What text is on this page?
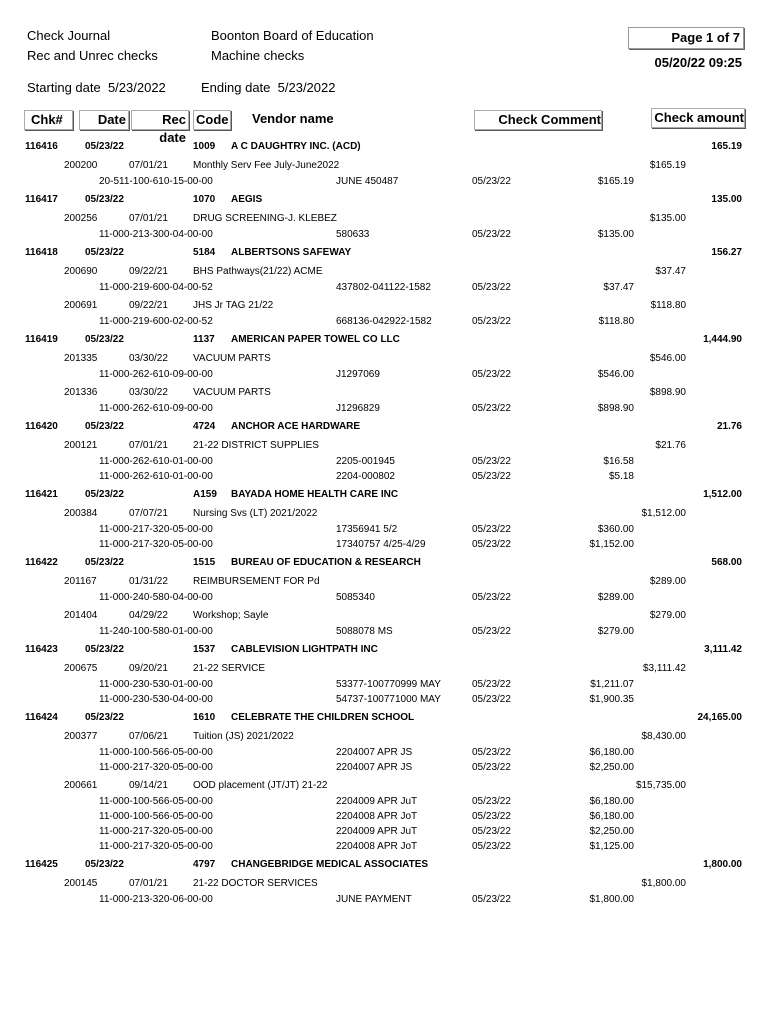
Check Journal
Rec and Unrec checks
Boonton Board of Education
Machine checks
Page 1 of 7
05/20/22 09:25
Starting date 5/23/2022	Ending date 5/23/2022
Chk#	Date	Rec date
Code Vendor name	Check Comment	Check amount
116416	05/23/22	1009 A C DAUGHTRY INC. (ACD)	165.19
200200	07/01/21	Monthly Serv Fee July-June2022	$165.19
20-511-100-610-15-00-00	JUNE 450487	05/23/22	$165.19
116417	05/23/22	1070 AEGIS	135.00
200256	07/01/21	DRUG SCREENING-J. KLEBEZ	$135.00
11-000-213-300-04-00-00	580633	05/23/22	$135.00
116418	05/23/22	5184 ALBERTSONS SAFEWAY	156.27
200690	09/22/21	BHS Pathways(21/22) ACME	$37.47
11-000-219-600-04-00-52	437802-041122-1582	05/23/22	$37.47
200691	09/22/21	JHS Jr TAG 21/22	$118.80
11-000-219-600-02-00-52	668136-042922-1582	05/23/22	$118.80
116419	05/23/22	1137 AMERICAN PAPER TOWEL CO LLC	1,444.90
201335	03/30/22	VACUUM PARTS	$546.00
11-000-262-610-09-00-00	J1297069	05/23/22	$546.00
201336	03/30/22	VACUUM PARTS	$898.90
11-000-262-610-09-00-00	J1296829	05/23/22	$898.90
116420	05/23/22	4724 ANCHOR ACE HARDWARE	21.76
200121	07/01/21	21-22 DISTRICT SUPPLIES	$21.76
11-000-262-610-01-00-00	2205-001945	05/23/22	$16.58
11-000-262-610-01-00-00	2204-000802	05/23/22	$5.18
116421	05/23/22	A159 BAYADA HOME HEALTH CARE INC	1,512.00
200384	07/07/21	Nursing Svs (LT) 2021/2022	$1,512.00
11-000-217-320-05-00-00	17356941 5/2	05/23/22	$360.00
11-000-217-320-05-00-00	17340757 4/25-4/29	05/23/22	$1,152.00
116422	05/23/22	1515 BUREAU OF EDUCATION & RESEARCH	568.00
201167	01/31/22	REIMBURSEMENT FOR Pd	$289.00
11-000-240-580-04-00-00	5085340	05/23/22	$289.00
201404	04/29/22	Workshop; Sayle	$279.00
11-240-100-580-01-00-00	5088078 MS	05/23/22	$279.00
116423	05/23/22	1537 CABLEVISION LIGHTPATH INC	3,111.42
200675	09/20/21	21-22 SERVICE	$3,111.42
11-000-230-530-01-00-00	53377-100770999 MAY	05/23/22	$1,211.07
11-000-230-530-04-00-00	54737-100771000 MAY	05/23/22	$1,900.35
116424	05/23/22	1610 CELEBRATE THE CHILDREN SCHOOL	24,165.00
200377	07/06/21	Tuition (JS) 2021/2022	$8,430.00
11-000-100-566-05-00-00	2204007 APR JS	05/23/22	$6,180.00
11-000-217-320-05-00-00	2204007 APR JS	05/23/22	$2,250.00
200661	09/14/21	OOD placement (JT/JT) 21-22	$15,735.00
11-000-100-566-05-00-00	2204009 APR JuT	05/23/22	$6,180.00
11-000-100-566-05-00-00	2204008 APR JoT	05/23/22	$6,180.00
11-000-217-320-05-00-00	2204009 APR JuT	05/23/22	$2,250.00
11-000-217-320-05-00-00	2204008 APR JoT	05/23/22	$1,125.00
116425	05/23/22	4797 CHANGEBRIDGE MEDICAL ASSOCIATES	1,800.00
200145	07/01/21	21-22 DOCTOR SERVICES	$1,800.00
11-000-213-320-06-00-00	JUNE PAYMENT	05/23/22	$1,800.00
